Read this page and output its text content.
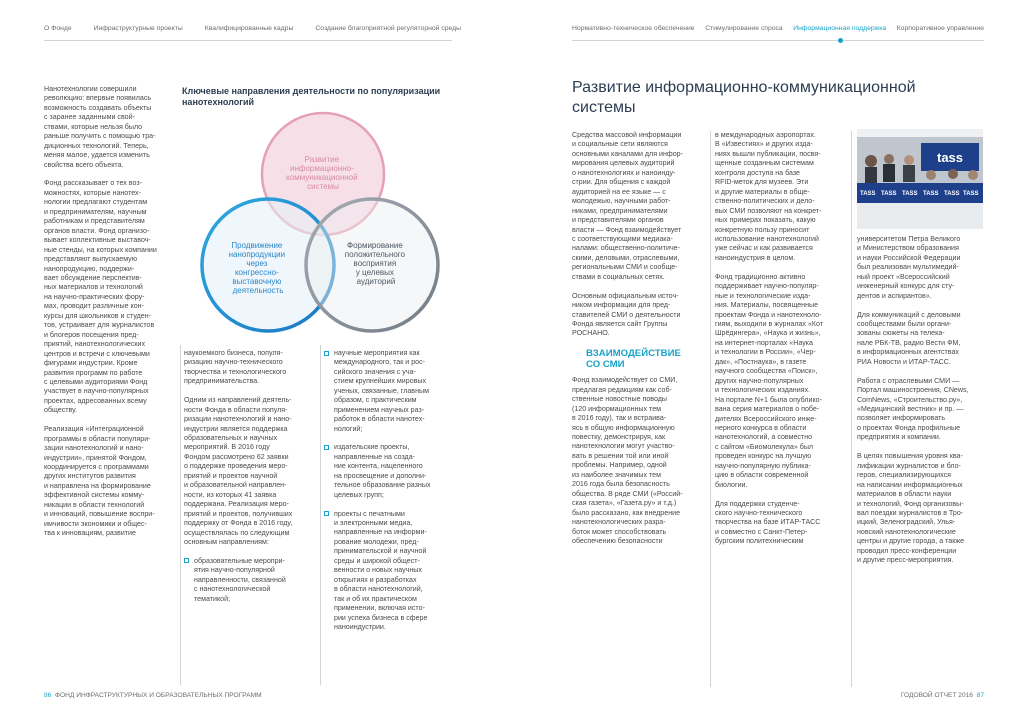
О Фонде	Инфраструктурные проекты	Квалифицированные кадры	Создание благоприятной регуляторной среды	Нормативно-техническое обеспечение Стимулирование спроса Информационная поддержка Корпоративное управление

Нанотехнологии совершили
революцию: впервые появилась
возможность создавать объекты
с заранее заданными свой-
ствами, которые нельзя было
раньше получить с помощью тра-
диционных технологий. Теперь,
меняя малое, удается изменить
свойства всего объекта.

Фонд рассказывает о тех воз-
можностях, которые нанотех-
нологии предлагают студентам
и предпринимателям, научным
работникам и представителям
органов власти. Фонд организо-
вывает коллективные выставоч-
ные стенды, на которых компании
представляют выпускаемую
нанопродукцию, поддержи-
вает обсуждение перспектив-
ных материалов и технологий
на научно-практических фору-
мах, проводит различные кон-
курсы для школьников и студен-
тов, устраивает для журналистов
и блогеров посещения пред-
приятий, нанотехнологических
центров и встречи с ключевыми
фигурами индустрии. Кроме
развития программ по работе
с целевыми аудиториями Фонд
участвует в научно-популярных
проектах, адресованных всему
обществу.

Реализация «Интеграционной
программы в области популяри-
зации нанотехнологий и нано-
индустрии», принятой Фондом,
координируется с программами
других институтов развития
и направлена на формирование
эффективной системы комму-
никации в области технологий
и инноваций, повышение воспри-
имчивости экономики и общес-
тва к инновациям, развитие

Ключевые направления деятельности по популяризации нанотехнологий
Развитие информационно- коммуникационной системы
Продвижение нанопродукции через конгрессно- выставочную деятельность
Формирование положительного восприятия у целевых аудиторий

наукоемкого бизнеса, популя-
ризацию научно-технического
творчества и технологического
предпринимательства.

Одним из направлений деятель-
ности Фонда в области популя-
ризации нанотехнологий и нано-
индустрии является поддержка
образовательных и научных
мероприятий. В 2016 году
Фондом рассмотрено 62 заявки
о поддержке проведения меро-
приятий и проектов научной
и образовательной направлен-
ности, из которых 41 заявка
поддержана. Реализация меро-
приятий и проектов, получивших
поддержку от Фонда в 2016 году,
осуществлялась по следующим
основным направлениям:

образовательные меропри-
ятия научно-популярной
направленности, связанной
с нанотехнологической
тематикой;
научные мероприятия как
международного, так и рос-
сийского значения с уча-
стием крупнейших мировых
ученых, связанные, главным
образом, с практическим
применением научных раз-
работок в области нанотех-
нологий;
издательские проекты,
направленные на созда-
ние контента, нацеленного
на просвещение и дополни-
тельное образование разных
целевых групп;
проекты с печатными
и электронными медиа,
направленные на информи-
рование молодежи, пред-
принимательской и научной
среды и широкой общест-
венности о новых научных
открытиях и разработках
в области нанотехнологий,
так и об их практическом
применении, включая истo-
рии успеха бизнеса в сфере
наноиндустрии.
Развитие информационно-коммуникационной
системы

Средства массовой информации
и социальные сети являются
основными каналами для инфор-
мирования целевых аудиторий
о нанотехнологиях и наноинду-
стрии. Для общения с каждой
аудиторией на ее языке — с
молодежью, научными работ-
никами, предпринимателями
и представителями органов
власти — Фонд взаимодействует
с соответствующими медиака-
налами: общественно-политиче-
скими, деловыми, отраслевыми,
региональными СМИ и сообще-
ствами в социальных сетях.

Основным официальным источ-
ником информации для пред-
ставителей СМИ о деятельности
Фонда является сайт Группы
РОСНАНО.

ВЗАИМОДЕЙСТВИЕ
СО СМИ

Фонд взаимодействует со СМИ,
предлагая редакциям как соб-
ственные новостные поводы
(120 информационных тем
в 2016 году), так и встраива-
ясь в общую информационную
повестку, демонстрируя, как
нанотехнологии могут участво-
вать в решении той или иной
проблемы. Например, одной
из наиболее значимых тем
2016 года была безопасность
общества. В ряде СМИ («Россий-
ская газета», «Газета.ру» и т.д.)
было рассказано, как внедрение
нанотехнологических разра-
боток может способствовать
обеспечению безопасности

в международных аэропортах.
В «Известиях» и других изда-
ниях вышли публикации, посвя-
щенные созданным системам
контроля доступа на базе
RFID-меток для музеев. Эти
и другие материалы в обще-
ственно-политических и дело-
вых СМИ позволяют на конкрет-
ных примерах показать, какую
конкретную пользу приносит
использование нанотехнологий
уже сейчас и как развивается
наноиндустрия в целом.

Фонд традиционно активно
поддерживает научно-популяр-
ные и технологические изда-
ния. Материалы, посвященные
проектам Фонда и нанотехноло-
гиям, выходили в журналах «Кот
Шрёдингера», «Наука и жизнь»,
на интернет-порталах «Наука
и технологии в России», «Чер-
дак», «Постнаука», в газете
научного сообщества «Поиск»,
других научно-популярных
и технологических изданиях.
На портале N+1 была опублико-
вана серия материалов о побе-
дителях Всероссийского инже-
нерного конкурса в области
нанотехнологий, а совместно
с сайтом «Биомолекула» был
проведен конкурс на лучшую
научно-популярную публика-
цию в области современной
биологии.

Для поддержки студенче-
ского научно-технического
творчества на базе ИТАР-ТАСС
и совместно с Санкт-Петер-
бургским политехническим

tass
TASS TASS TASS TASS TASS TASS

университетом Петра Великого
и Министерством образования
и науки Российской Федерации
был реализован мультимедий-
ный проект «Всероссийский
инженерный конкурс для сту-
дентов и аспирантов».

Для коммуникаций с деловыми
сообществами были органи-
зованы сюжеты на телека-
нале РБК-ТВ, радио Вести ФМ,
в информационных агентствах
РИА Новости и ИТАР-ТАСС.

Работа с отраслевыми СМИ —
Портал машиностроения, CNews,
ComNews, «Строительство.ру»,
«Медицинский вестник» и пр. —
позволяет информировать
о проектах Фонда профильные
предприятия и компании.

В целях повышения уровня ква-
лификации журналистов и бло-
геров, специализирующихся
на написании информационных
материалов в области науки
и технологий, Фонд организовы-
вал поездки журналистов в Тро-
ицкий, Зеленоградский, Улья-
новский нанотехнологические
центры и другие города, а также
проводил пресс-конференции
и другие пресс-мероприятия.

86 ФОНД ИНФРАСТРУКТУРНЫХ И ОБРАЗОВАТЕЛЬНЫХ ПРОГРАММ	ГОДОВОЙ ОТЧЕТ 2016 87
